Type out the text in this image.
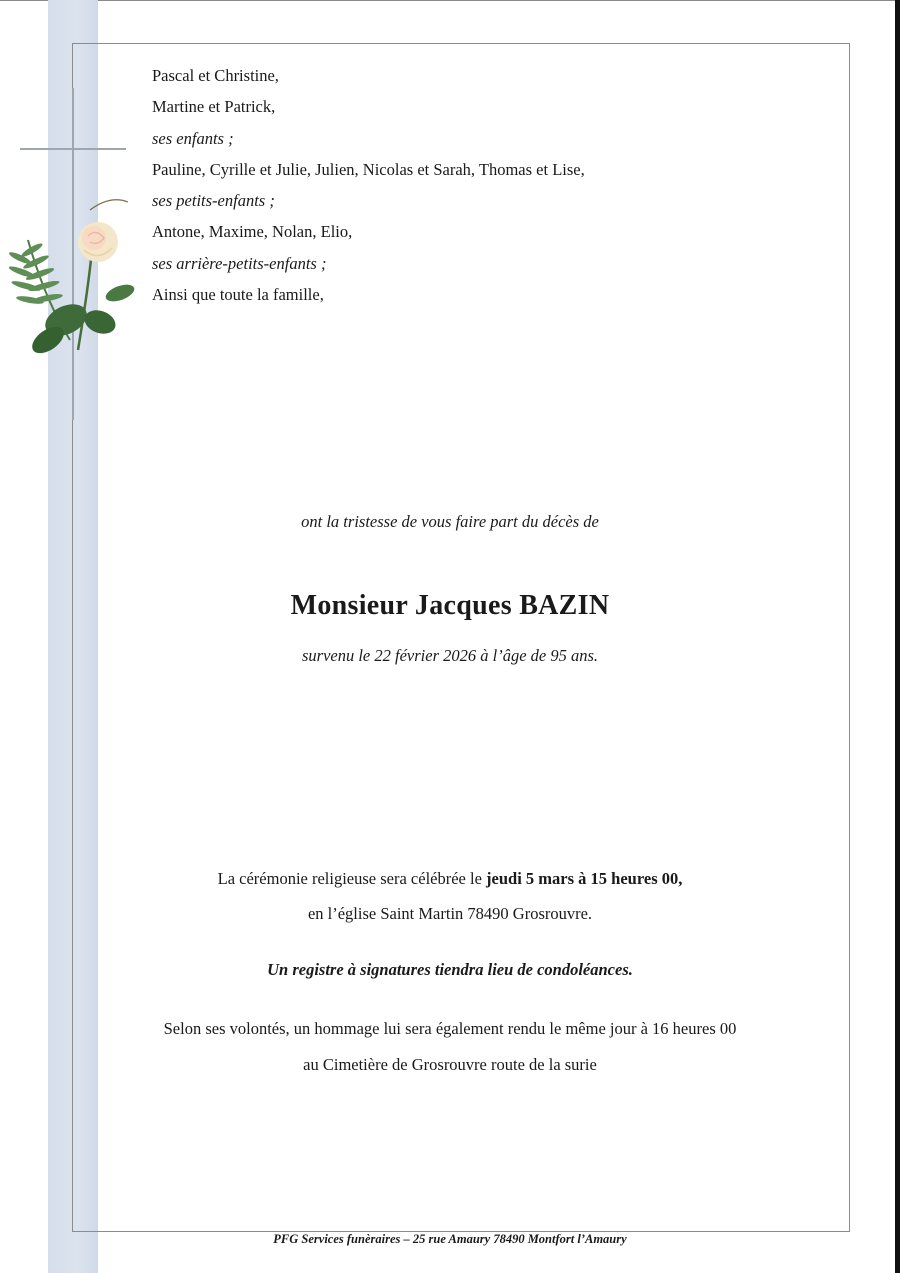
Pascal et Christine,
Martine et Patrick,
ses enfants ;
Pauline, Cyrille et Julie, Julien, Nicolas et Sarah, Thomas et Lise,
ses petits-enfants ;
Antone, Maxime, Nolan, Elio,
ses arrière-petits-enfants ;
Ainsi que toute la famille,
ont la tristesse de vous faire part du décès de
Monsieur Jacques BAZIN
survenu le 22 février 2026 à l’âge de 95 ans.
La cérémonie religieuse sera célébrée le jeudi 5 mars à 15 heures 00,
en l’église Saint Martin 78490 Grosrouvre.
Un registre à signatures tiendra lieu de condoléances.
Selon ses volontés, un hommage lui sera également rendu le même jour à 16 heures 00
au Cimetière de Grosrouvre route de la surie
PFG Services funèraires – 25 rue Amaury 78490 Montfort l’Amaury
